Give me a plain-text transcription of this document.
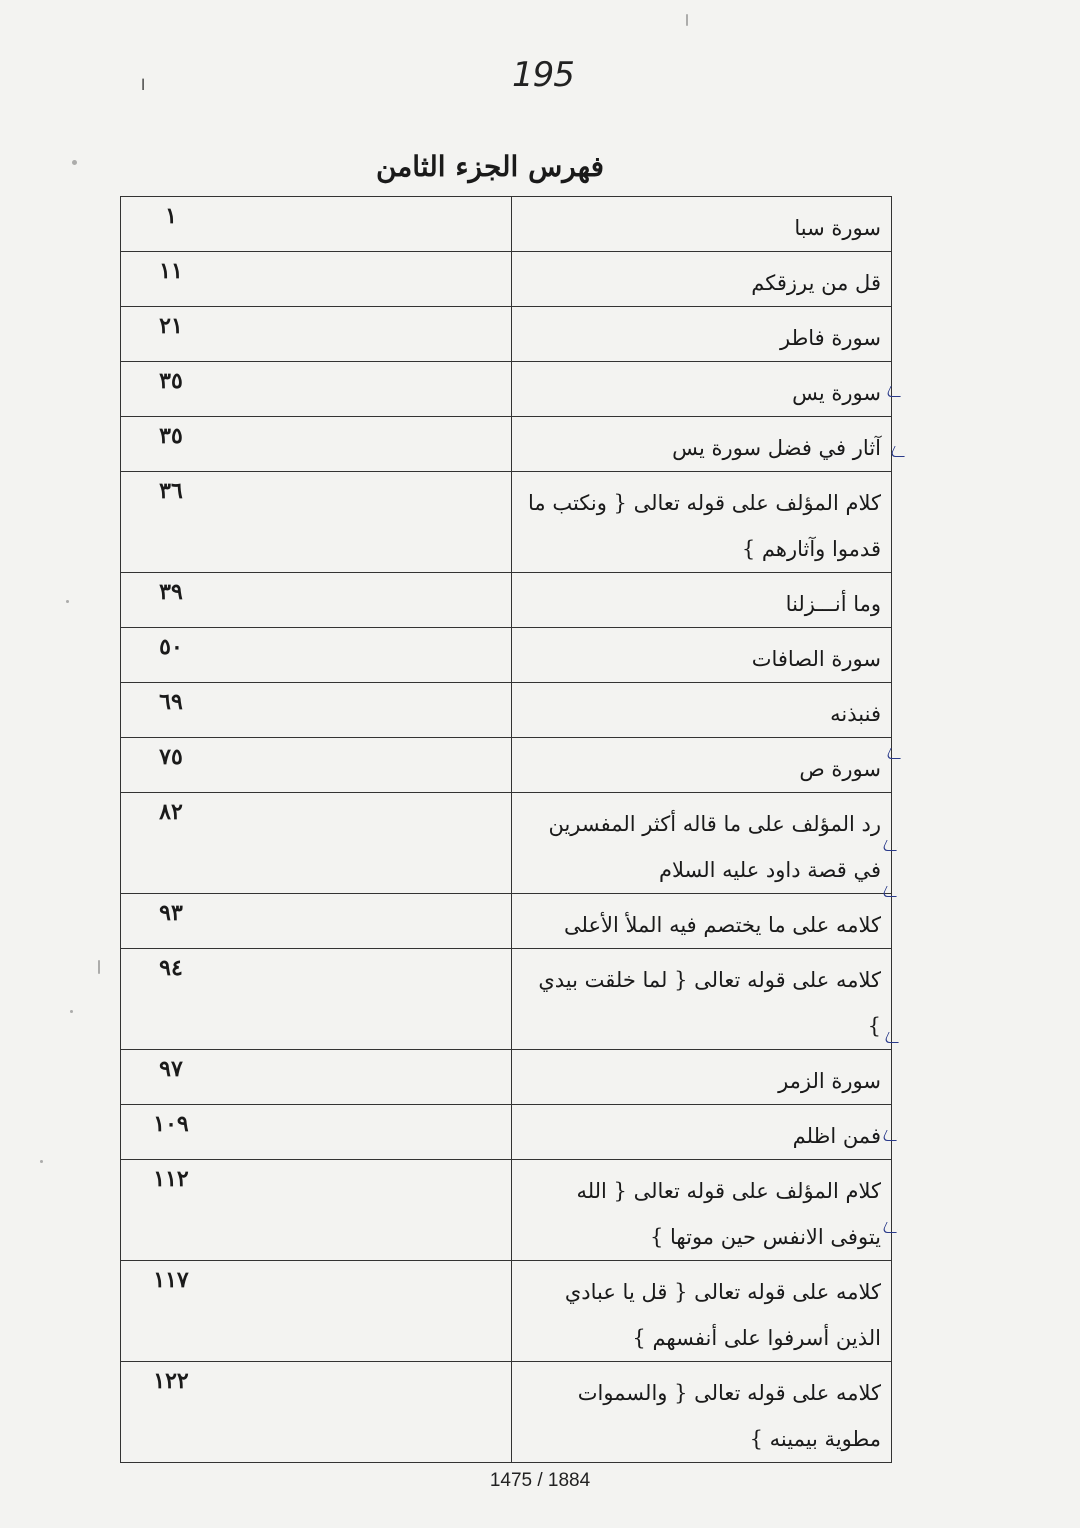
195
ا
فهرس الجزء الثامن
١	سورة سبا
١١	قل من يرزقكم
٢١	سورة فاطر
٣٥	سورة يس
٣٥	آثار في فضل سورة يس
٣٦	كلام المؤلف على قوله تعالى { ونكتب ما قدموا وآثارهم }
٣٩	وما أنـــزلنا
٥٠	سورة الصافات
٦٩	فنبذنه
٧٥	سورة ص
٨٢	رد المؤلف على ما قاله أكثر المفسرين في قصة داود عليه السلام
٩٣	كلامه على ما يختصم فيه الملأ الأعلى
٩٤	كلامه على قوله تعالى { لما خلقت بيدي }
٩٧	سورة الزمر
١٠٩	فمن اظلم
١١٢	كلام المؤلف على قوله تعالى { الله يتوفى الانفس حين موتها }
١١٧	كلامه على قوله تعالى { قل يا عبادي الذين أسرفوا على أنفسهم }
١٢٢	كلامه على قوله تعالى { والسموات مطوية بيمينه }
1475 / 1884
